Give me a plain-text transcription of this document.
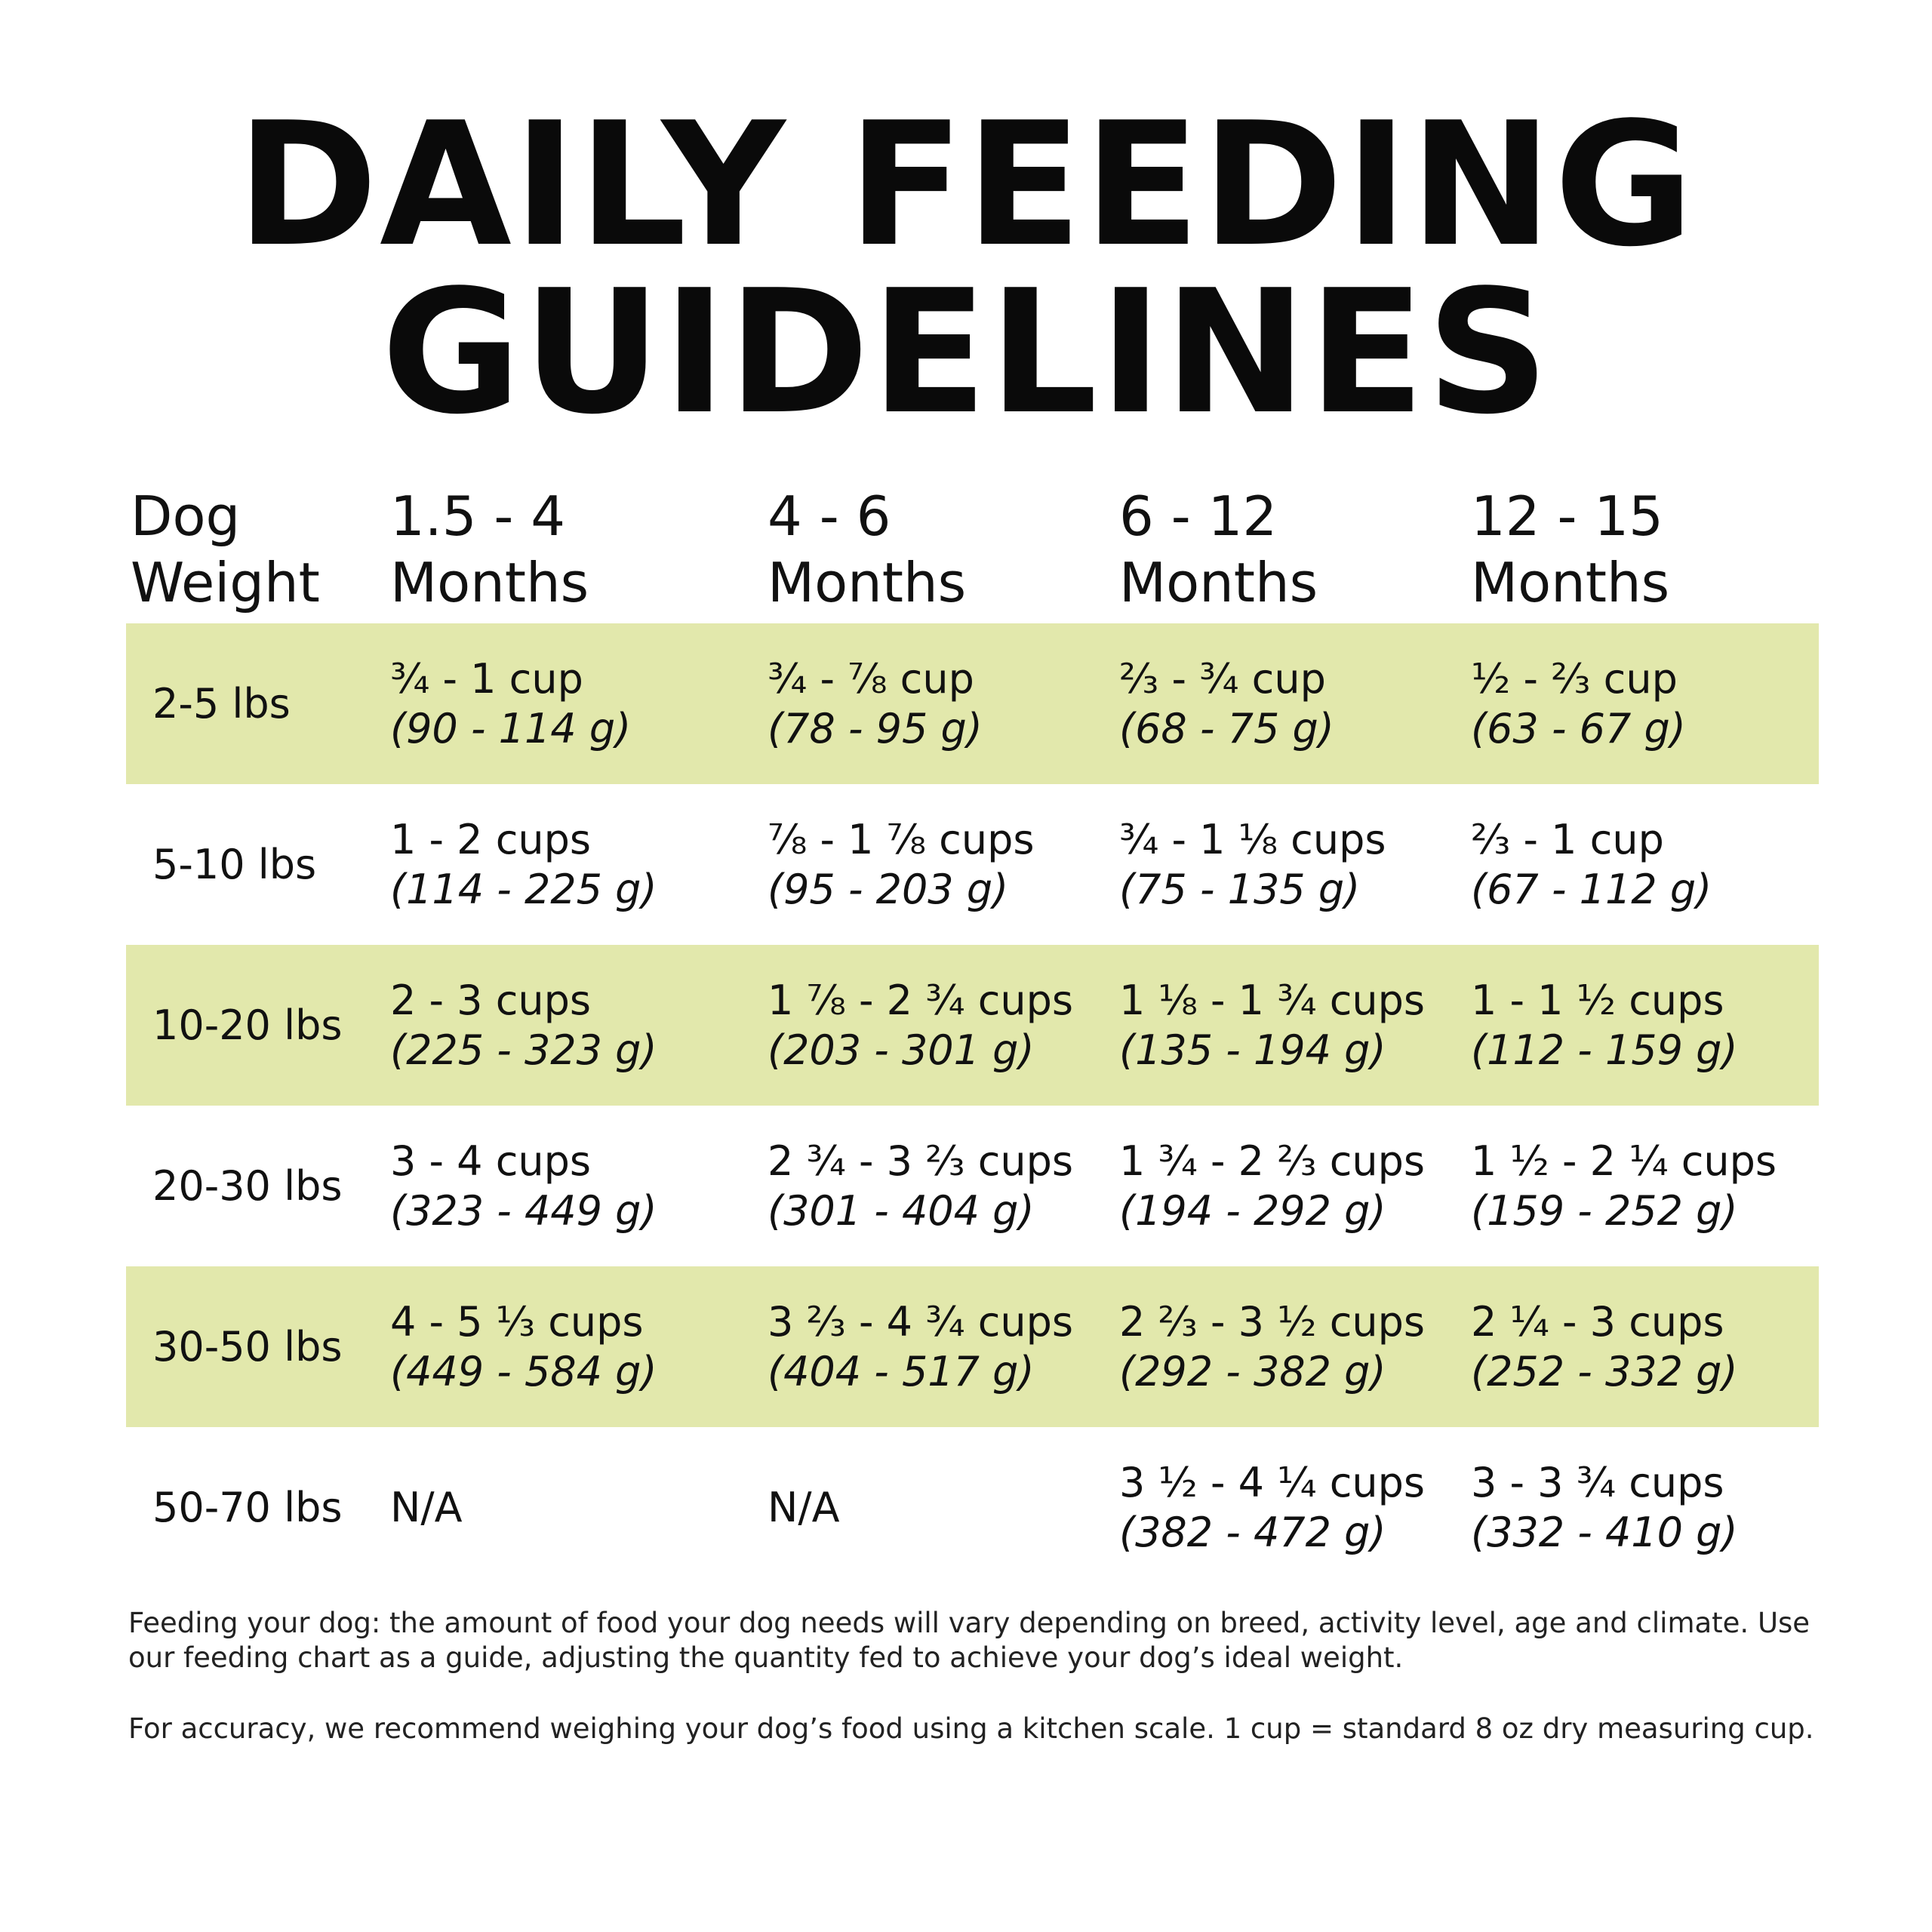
DAILY FEEDING
GUIDELINES
Dog
Weight
1.5 - 4
Months
4 - 6
Months
6 - 12
Months
12 - 15
Months
2-5 lbs
¾ - 1 cup
(90 - 114 g)
¾ - ⅞ cup
(78 - 95 g)
⅔ - ¾ cup
(68 - 75 g)
½ - ⅔ cup
(63 - 67 g)
5-10 lbs
1 - 2 cups
(114 - 225 g)
⅞ - 1 ⅞ cups
(95 - 203 g)
¾ - 1 ⅛ cups
(75 - 135 g)
⅔ - 1 cup
(67 - 112 g)
10-20 lbs
2 - 3 cups
(225 - 323 g)
1 ⅞ - 2 ¾ cups
(203 - 301 g)
1 ⅛ - 1 ¾ cups
(135 - 194 g)
1 - 1 ½ cups
(112 - 159 g)
20-30 lbs
3 - 4 cups
(323 - 449 g)
2 ¾ - 3 ⅔ cups
(301 - 404 g)
1 ¾ - 2 ⅔ cups
(194 - 292 g)
1 ½ - 2 ¼ cups
(159 - 252 g)
30-50 lbs
4 - 5 ⅓ cups
(449 - 584 g)
3 ⅔ - 4 ¾ cups
(404 - 517 g)
2 ⅔ - 3 ½ cups
(292 - 382 g)
2 ¼ - 3 cups
(252 - 332 g)
50-70 lbs N/A	N/A
3 ½ - 4 ¼ cups
(382 - 472 g)
3 - 3 ¾ cups
(332 - 410 g)

Feeding your dog: the amount of food your dog needs will vary depending on breed, activity level, age and climate. Use our feeding chart as a guide, adjusting the quantity fed to achieve your dog’s ideal weight.

For accuracy, we recommend weighing your dog’s food using a kitchen scale. 1 cup = standard 8 oz dry measuring cup.
